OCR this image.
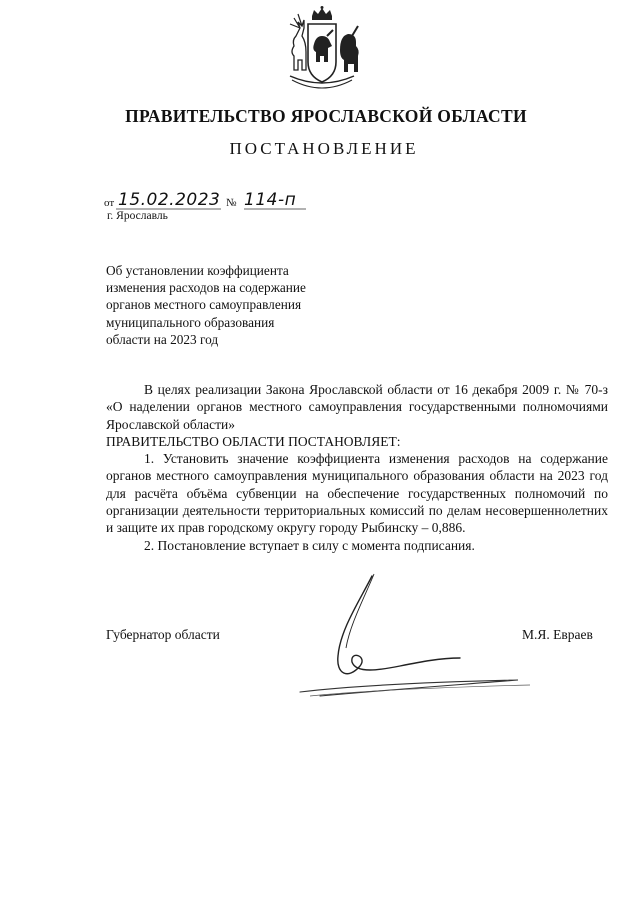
ПРАВИТЕЛЬСТВО ЯРОСЛАВСКОЙ ОБЛАСТИ
ПОСТАНОВЛЕНИЕ
от 15.02.2023 № 114-п
г. Ярославль
Об установлении коэффициента
изменения расходов на содержание
органов местного самоуправления
муниципального образования
области на 2023 год

В целях реализации Закона Ярославской области от 16 декабря 2009 г. № 70-з «О наделении органов местного самоуправления государственными полномочиями Ярославской области»

ПРАВИТЕЛЬСТВО ОБЛАСТИ ПОСТАНОВЛЯЕТ:

1. Установить значение коэффициента изменения расходов на содержание органов местного самоуправления муниципального образования области на 2023 год для расчёта объёма субвенции на обеспечение государственных полномочий по организации деятельности территориальных комиссий по делам несовершеннолетних и защите их прав городскому округу городу Рыбинску – 0,886.

2. Постановление вступает в силу с момента подписания.

Губернатор области	М.Я. Евраев
